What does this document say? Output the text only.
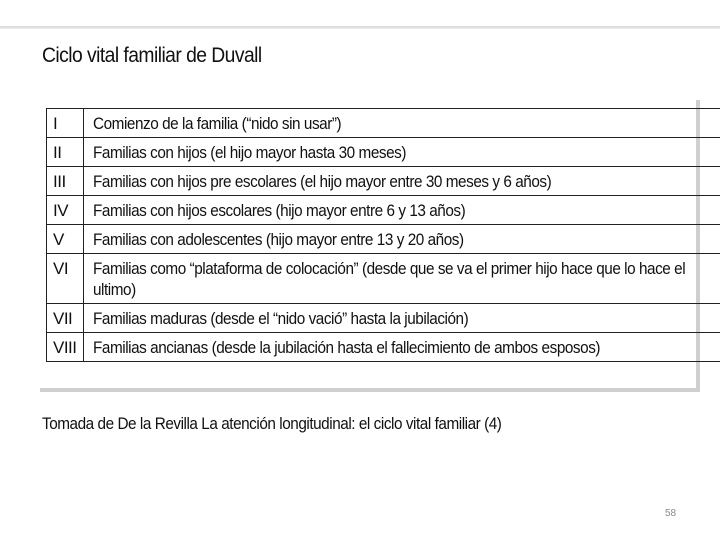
Ciclo vital familiar de Duvall
I	Comienzo de la familia (“nido sin usar”)
II	Familias con hijos (el hijo mayor hasta 30 meses)
III	Familias con hijos pre escolares (el hijo mayor entre 30 meses y 6 años)
IV	Familias con hijos escolares (hijo mayor entre 6 y 13 años)
V	Familias con adolescentes (hijo mayor entre 13 y 20 años)
VI	Familias como “plataforma de colocación” (desde que se va el primer hijo hace que lo hace el
ultimo)
VII	Familias maduras (desde el “nido vació” hasta la jubilación)
VIII	Familias ancianas (desde la jubilación hasta el fallecimiento de ambos esposos)
Tomada de De la Revilla La atención longitudinal: el ciclo vital familiar (4)
58
